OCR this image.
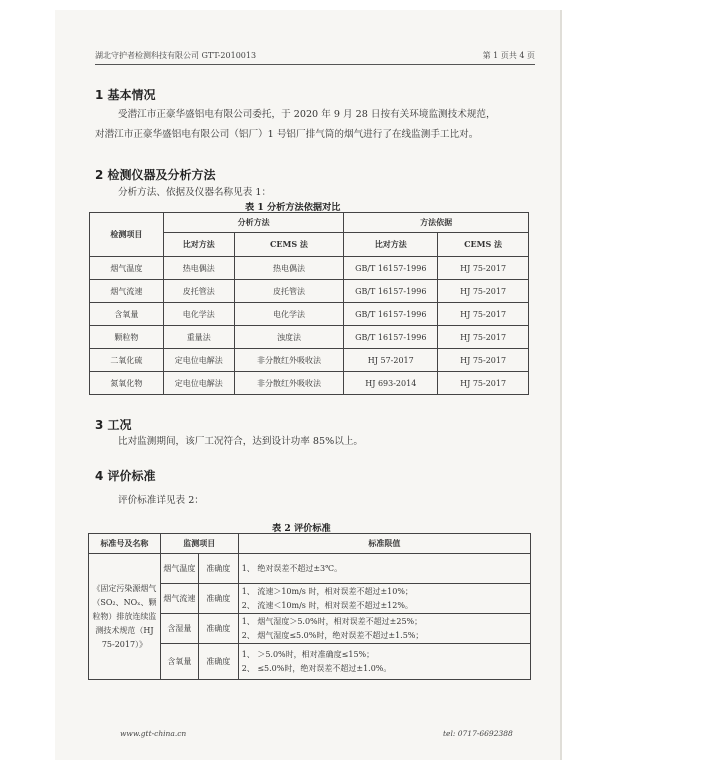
湖北守护者检测科技有限公司 GTT-2010013	第 1 页共 4 页
1 基本情况
受潜江市正豪华盛铝电有限公司委托，于 2020 年 9 月 28 日按有关环境监测技术规范，
对潜江市正豪华盛铝电有限公司（铝厂）1 号铝厂排气筒的烟气进行了在线监测手工比对。
2 检测仪器及分析方法
分析方法、依据及仪器名称见表 1：
表 1 分析方法依据对比
检测项目	分析方法		方法依据	
	比对方法	CEMS 法	比对方法	CEMS 法
烟气温度	热电偶法	热电偶法	GB/T 16157-1996	HJ 75-2017
烟气流速	皮托管法	皮托管法	GB/T 16157-1996	HJ 75-2017
含氧量	电化学法	电化学法	GB/T 16157-1996	HJ 75-2017
颗粒物	重量法	浊度法	GB/T 16157-1996	HJ 75-2017
二氧化硫	定电位电解法	非分散红外吸收法	HJ 57-2017	HJ 75-2017
氮氧化物	定电位电解法	非分散红外吸收法	HJ 693-2014	HJ 75-2017
3 工况
比对监测期间，该厂工况符合，达到设计功率 85%以上。
4 评价标准
评价标准详见表 2：
表 2 评价标准
标准号及名称	监测项目		标准限值
《固定污染源烟气（SO₂、NOₓ、颗粒物）排放连续监测技术规范（HJ 75-2017）》	烟气温度	准确度	1、 绝对误差不超过±3℃。

	烟气流速	准确度	1、 流速＞10m/s 时，相对误差不超过±10%；
2、 流速＜10m/s 时，相对误差不超过±12%。

	含湿量	准确度	1、 烟气湿度＞5.0%时，相对误差不超过±25%；
2、 烟气湿度≤5.0%时，绝对误差不超过±1.5%；

	含氧量	准确度	1、 ＞5.0%时，相对准确度≤15%；
2、 ≤5.0%时，绝对误差不超过±1.0%。
www.gtt-china.cn	tel: 0717-6692388
